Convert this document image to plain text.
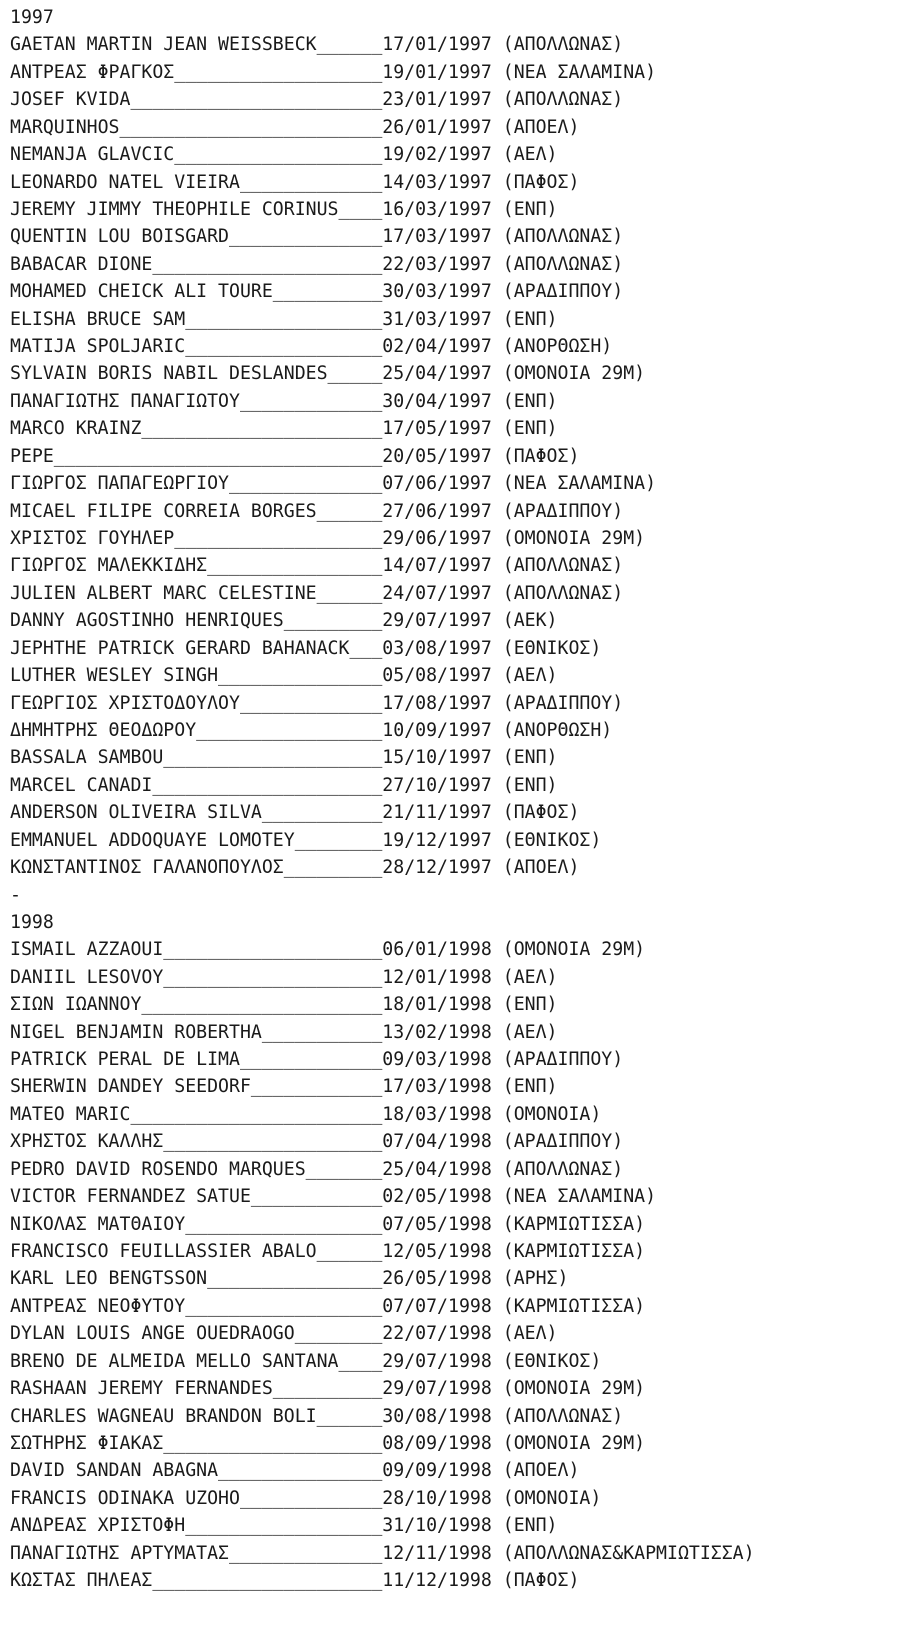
1997
GAETAN MARTIN JEAN WEISSBECK______17/01/1997 (ΑΠΟΛΛΩΝΑΣ)
ΑΝΤΡΕΑΣ ΦΡΑΓΚΟΣ___________________19/01/1997 (ΝΕΑ ΣΑΛΑΜΙΝΑ)
JOSEF KVIDA_______________________23/01/1997 (ΑΠΟΛΛΩΝΑΣ)
MARQUINHOS________________________26/01/1997 (ΑΠΟΕΛ)
NEMANJA GLAVCIC___________________19/02/1997 (ΑΕΛ)
LEONARDO NATEL VIEIRA_____________14/03/1997 (ΠΑΦΟΣ)
JEREMY JIMMY THEOPHILE CORINUS____16/03/1997 (ΕΝΠ)
QUENTIN LOU BOISGARD______________17/03/1997 (ΑΠΟΛΛΩΝΑΣ)
BABACAR DIONE_____________________22/03/1997 (ΑΠΟΛΛΩΝΑΣ)
MOHAMED CHEICK ALI TOURE__________30/03/1997 (ΑΡΑΔΙΠΠΟΥ)
ELISHA BRUCE SAM__________________31/03/1997 (ΕΝΠ)
MATIJA SPOLJARIC__________________02/04/1997 (ΑΝΟΡΘΩΣΗ)
SYLVAIN BORIS NABIL DESLANDES_____25/04/1997 (ΟΜΟΝΟΙΑ 29Μ)
ΠΑΝΑΓΙΩΤΗΣ ΠΑΝΑΓΙΩΤΟΥ_____________30/04/1997 (ΕΝΠ)
MARCO KRAINZ______________________17/05/1997 (ΕΝΠ)
PEPE______________________________20/05/1997 (ΠΑΦΟΣ)
ΓΙΩΡΓΟΣ ΠΑΠΑΓΕΩΡΓΙΟΥ______________07/06/1997 (ΝΕΑ ΣΑΛΑΜΙΝΑ)
MICAEL FILIPE CORREIA BORGES______27/06/1997 (ΑΡΑΔΙΠΠΟΥ)
ΧΡΙΣΤΟΣ ΓΟΥΗΛΕΡ___________________29/06/1997 (ΟΜΟΝΟΙΑ 29Μ)
ΓΙΩΡΓΟΣ ΜΑΛΕΚΚΙΔΗΣ________________14/07/1997 (ΑΠΟΛΛΩΝΑΣ)
JULIEN ALBERT MARC CELESTINE______24/07/1997 (ΑΠΟΛΛΩΝΑΣ)
DANNY AGOSTINHO HENRIQUES_________29/07/1997 (ΑΕΚ)
JEPHTHE PATRICK GERARD BAHANACK___03/08/1997 (ΕΘΝΙΚΟΣ)
LUTHER WESLEY SINGH_______________05/08/1997 (ΑΕΛ)
ΓΕΩΡΓΙΟΣ ΧΡΙΣΤΟΔΟΥΛΟΥ_____________17/08/1997 (ΑΡΑΔΙΠΠΟΥ)
ΔΗΜΗΤΡΗΣ ΘΕΟΔΩΡΟΥ_________________10/09/1997 (ΑΝΟΡΘΩΣΗ)
BASSALA SAMBOU____________________15/10/1997 (ΕΝΠ)
MARCEL CANADI_____________________27/10/1997 (ΕΝΠ)
ANDERSON OLIVEIRA SILVA___________21/11/1997 (ΠΑΦΟΣ)
EMMANUEL ADDOQUAYE LOMOTEY________19/12/1997 (ΕΘΝΙΚΟΣ)
ΚΩΝΣΤΑΝΤΙΝΟΣ ΓΑΛΑΝΟΠΟΥΛΟΣ_________28/12/1997 (ΑΠΟΕΛ)
-
1998
ISMAIL AZZAOUI____________________06/01/1998 (ΟΜΟΝΟΙΑ 29Μ)
DANIIL LESOVOY____________________12/01/1998 (ΑΕΛ)
ΣΙΩΝ ΙΩΑΝΝΟΥ______________________18/01/1998 (ΕΝΠ)
NIGEL BENJAMIN ROBERTHA___________13/02/1998 (ΑΕΛ)
PATRICK PERAL DE LIMA_____________09/03/1998 (ΑΡΑΔΙΠΠΟΥ)
SHERWIN DANDEY SEEDORF____________17/03/1998 (ΕΝΠ)
MATEO MARIC_______________________18/03/1998 (ΟΜΟΝΟΙΑ)
ΧΡΗΣΤΟΣ ΚΑΛΛΗΣ____________________07/04/1998 (ΑΡΑΔΙΠΠΟΥ)
PEDRO DAVID ROSENDO MARQUES_______25/04/1998 (ΑΠΟΛΛΩΝΑΣ)
VICTOR FERNANDEZ SATUE____________02/05/1998 (ΝΕΑ ΣΑΛΑΜΙΝΑ)
ΝΙΚΟΛΑΣ ΜΑΤΘΑΙΟΥ__________________07/05/1998 (ΚΑΡΜΙΩΤΙΣΣΑ)
FRANCISCO FEUILLASSIER ABALO______12/05/1998 (ΚΑΡΜΙΩΤΙΣΣΑ)
KARL LEO BENGTSSON________________26/05/1998 (ΑΡΗΣ)
ΑΝΤΡΕΑΣ ΝΕΟΦΥΤΟΥ__________________07/07/1998 (ΚΑΡΜΙΩΤΙΣΣΑ)
DYLAN LOUIS ANGE OUEDRAOGO________22/07/1998 (ΑΕΛ)
BRENO DE ALMEIDA MELLO SANTANA____29/07/1998 (ΕΘΝΙΚΟΣ)
RASHAAN JEREMY FERNANDES__________29/07/1998 (ΟΜΟΝΟΙΑ 29Μ)
CHARLES WAGNEAU BRANDON BOLI______30/08/1998 (ΑΠΟΛΛΩΝΑΣ)
ΣΩΤΗΡΗΣ ΦΙΑΚΑΣ____________________08/09/1998 (ΟΜΟΝΟΙΑ 29Μ)
DAVID SANDAN ABAGNA_______________09/09/1998 (ΑΠΟΕΛ)
FRANCIS ODINAKA UZOHO_____________28/10/1998 (ΟΜΟΝΟΙΑ)
ΑΝΔΡΕΑΣ ΧΡΙΣΤΟΦΗ__________________31/10/1998 (ΕΝΠ)
ΠΑΝΑΓΙΩΤΗΣ ΑΡΤΥΜΑΤΑΣ______________12/11/1998 (ΑΠΟΛΛΩΝΑΣ&ΚΑΡΜΙΩΤΙΣΣΑ)
ΚΩΣΤΑΣ ΠΗΛΕΑΣ_____________________11/12/1998 (ΠΑΦΟΣ)
